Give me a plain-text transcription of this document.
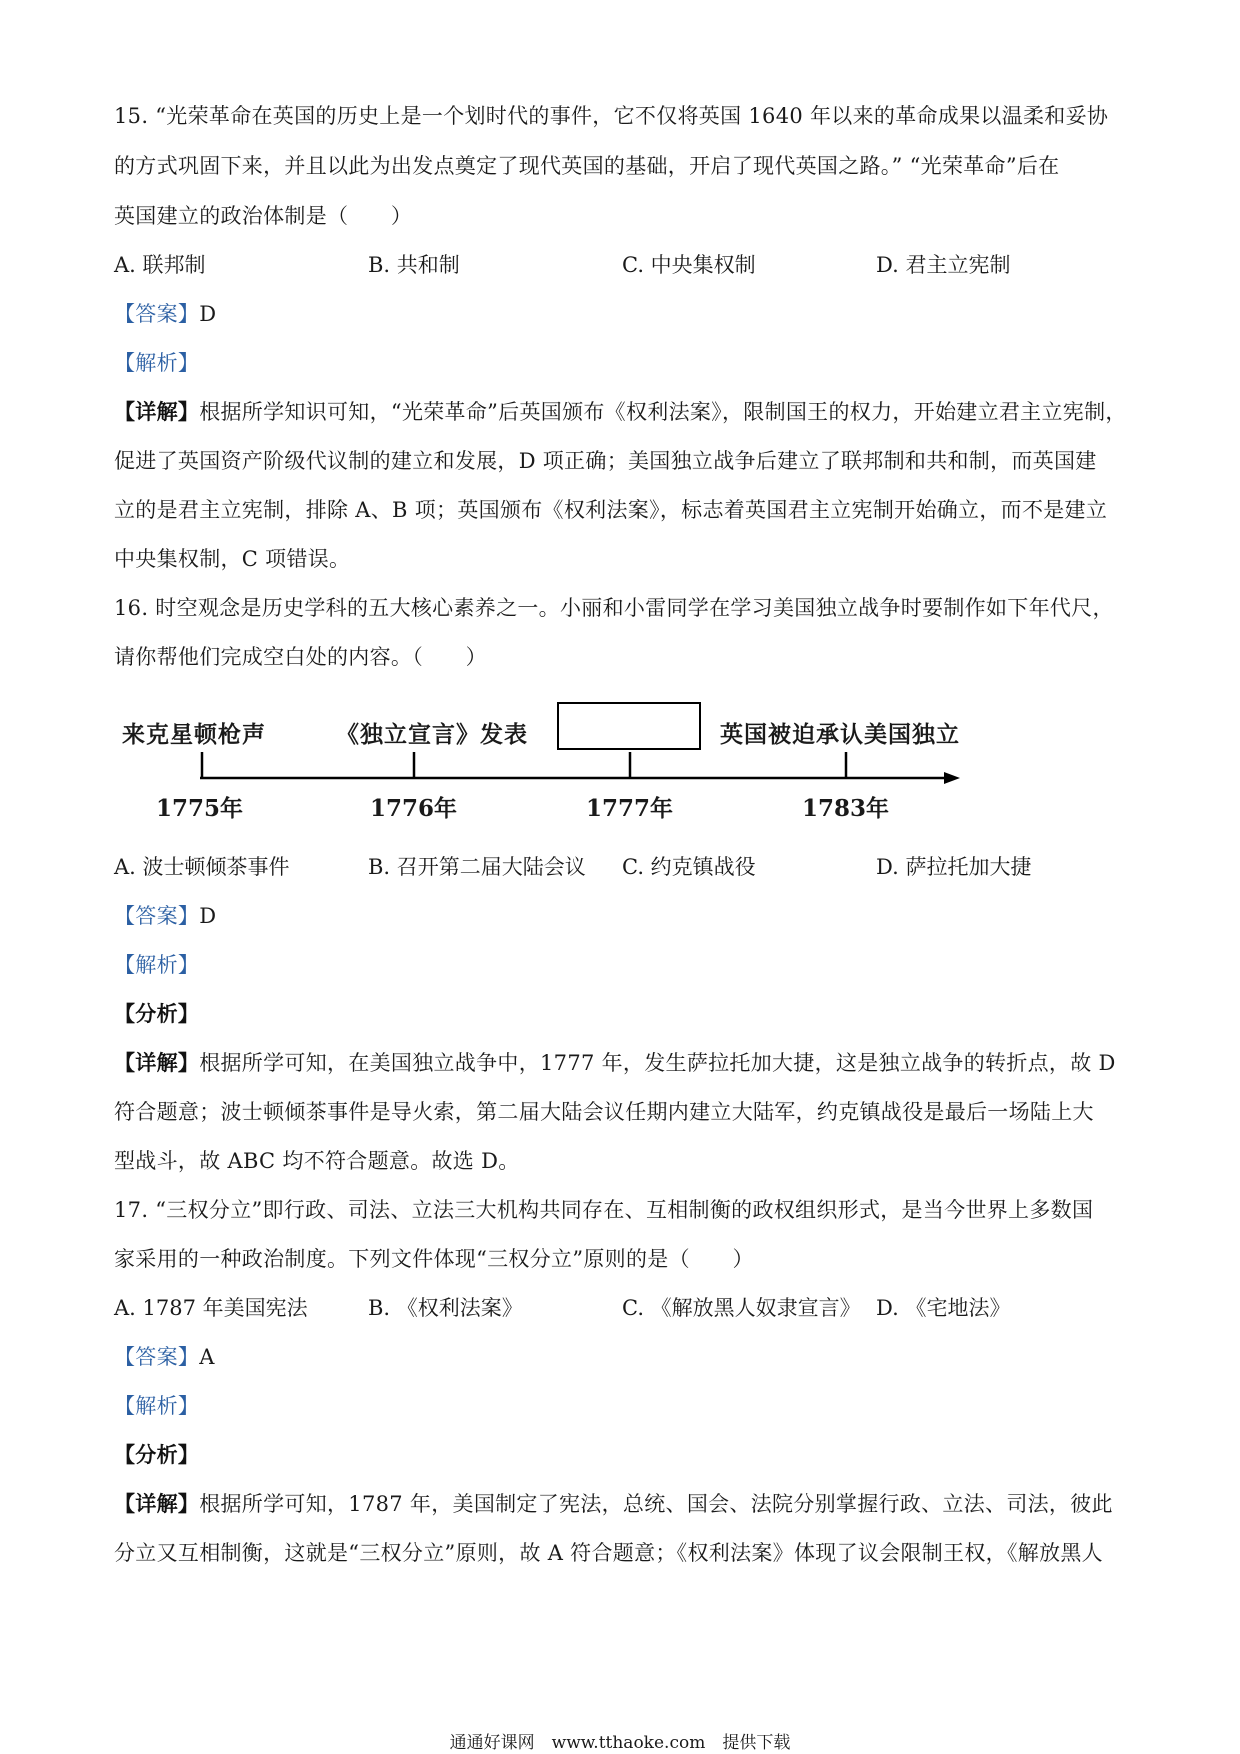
15. “光荣革命在英国的历史上是一个划时代的事件，它不仅将英国 1640 年以来的革命成果以温柔和妥协
的方式巩固下来，并且以此为出发点奠定了现代英国的基础，开启了现代英国之路。” “光荣革命”后在
英国建立的政治体制是（　　）
A. 联邦制	B. 共和制	C. 中央集权制	D. 君主立宪制
【答案】D
【解析】
【详解】根据所学知识可知，“光荣革命”后英国颁布《权利法案》，限制国王的权力，开始建立君主立宪制，
促进了英国资产阶级代议制的建立和发展，D 项正确；美国独立战争后建立了联邦制和共和制，而英国建
立的是君主立宪制，排除 A、B 项；英国颁布《权利法案》，标志着英国君主立宪制开始确立，而不是建立
中央集权制，C 项错误。
16. 时空观念是历史学科的五大核心素养之一。小丽和小雷同学在学习美国独立战争时要制作如下年代尺，
请你帮他们完成空白处的内容。（　　）
来克星顿枪声	《独立宣言》发表	英国被迫承认美国独立
1775年	1776年	1777年	1783年
A. 波士顿倾茶事件	B. 召开第二届大陆会议 C. 约克镇战役	D. 萨拉托加大捷
【答案】D
【解析】
【分析】
【详解】根据所学可知，在美国独立战争中，1777 年，发生萨拉托加大捷，这是独立战争的转折点，故 D
符合题意；波士顿倾茶事件是导火索，第二届大陆会议任期内建立大陆军，约克镇战役是最后一场陆上大
型战斗，故 ABC 均不符合题意。故选 D。
17. “三权分立”即行政、司法、立法三大机构共同存在、互相制衡的政权组织形式，是当今世界上多数国
家采用的一种政治制度。下列文件体现“三权分立”原则的是（　　）
A. 1787 年美国宪法	B. 《权利法案》	C. 《解放黑人奴隶宣言》 D. 《宅地法》
【答案】A
【解析】
【分析】
【详解】根据所学可知，1787 年，美国制定了宪法，总统、国会、法院分别掌握行政、立法、司法，彼此
分立又互相制衡，这就是“三权分立”原则，故 A 符合题意；《权利法案》体现了议会限制王权，《解放黑人
通通好课网　www.tthaoke.com　提供下载
